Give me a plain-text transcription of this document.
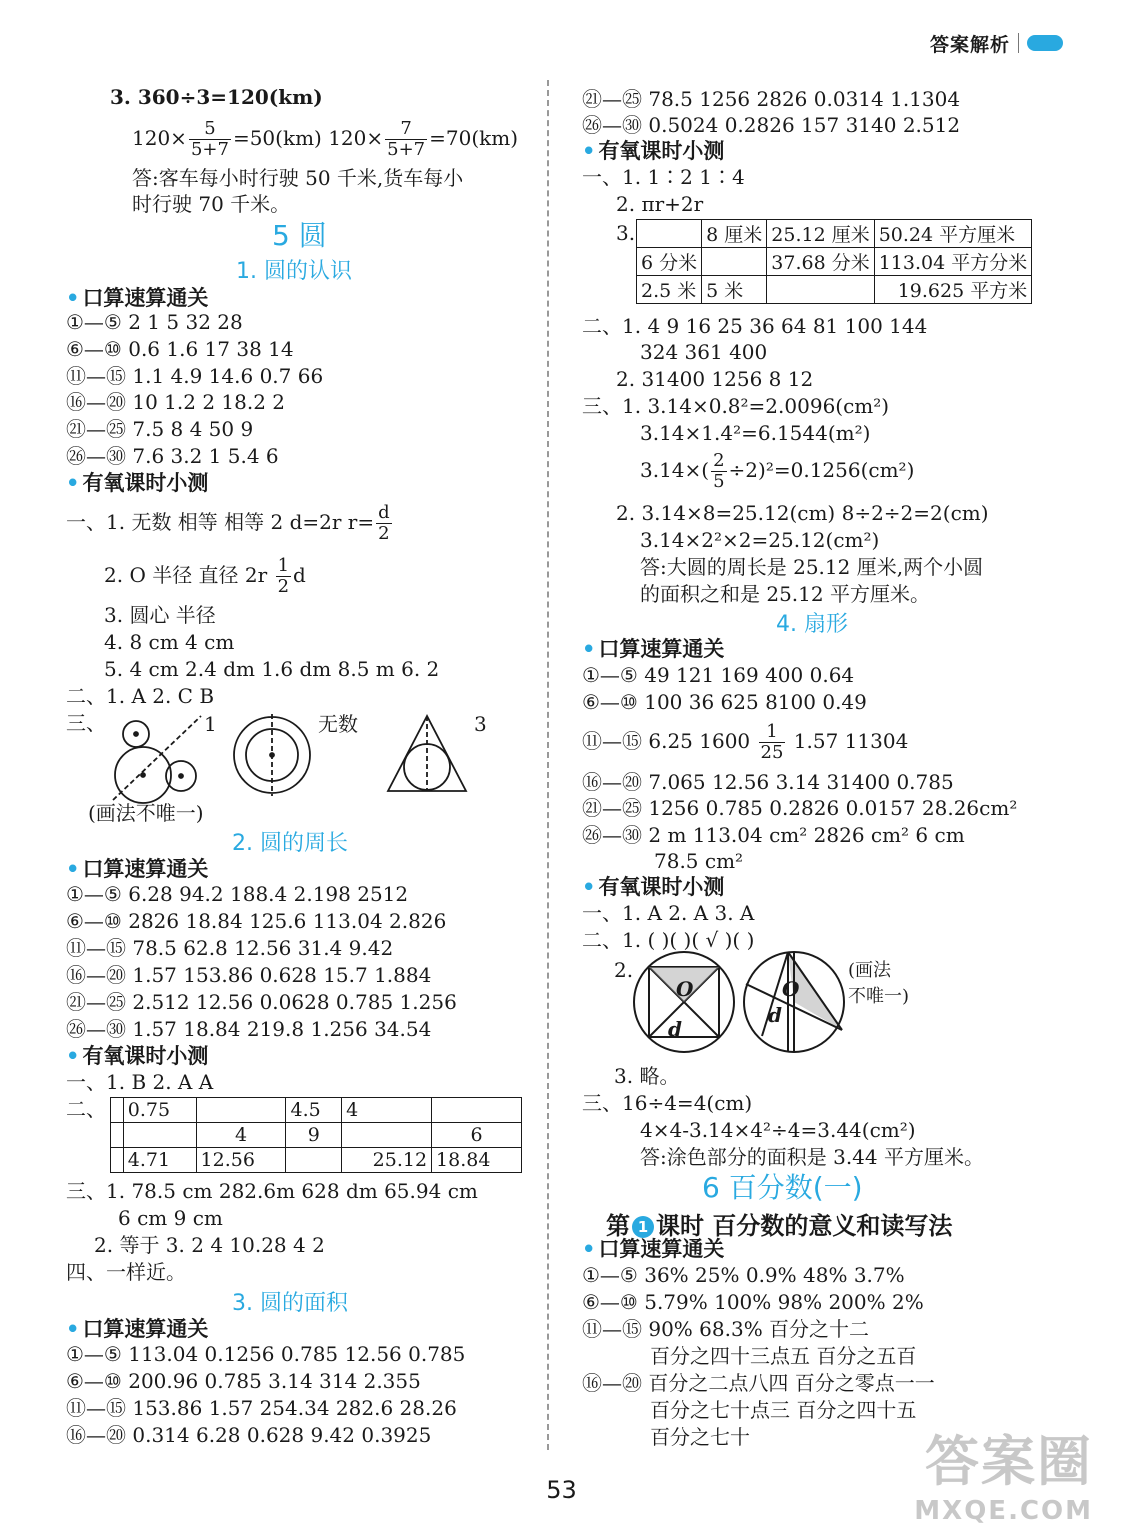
答案解析
3. 360÷3=120(km)
$120\times \frac{5}{5+7} =50(km)$ $120\times \frac{7}{5+7} =70(km)$
答:客车每小时行驶 50 千米,货车每小
时行驶 70 千米。
5 圆
1. 圆的认识
• 口算速算通关
①—⑤ 2 1 5 32 28
⑥—⑩ 0.6 1.6 17 38 14
⑪—⑮ 1.1 4.9 14.6 0.7 66
⑯—⑳ 10 1.2 2 18.2 2
㉑—㉕ 7.5 8 4 50 9
㉖—㉚ 7.6 3.2 1 5.4 6
• 有氧课时小测
一、1. 无数 相等 相等 2 d=2r $r= \frac{d}{2}$
2. O 半径 直径 $2r \frac{1}{2}$ d
3. 圆心 半径
4. 8 cm 4 cm
5. 4 cm 2.4 dm 1.6 dm 8.5 m 6. 2
二、1. A 2. C B
三、	1	无数	3
(画法不唯一)
2. 圆的周长
• 口算速算通关
①—⑤ 6.28 94.2 188.4 2.198 2512
⑥—⑩ 2826 18.84 125.6 113.04 2.826
⑪—⑮ 78.5 62.8 12.56 31.4 9.42
⑯—⑳ 1.57 153.86 0.628 15.7 1.884
㉑—㉕ 2.512 12.56 0.0628 0.785 1.256
㉖—㉚ 1.57 18.84 219.8 1.256 34.54
• 有氧课时小测
一、1. B 2. A A
二、
	0.75		4.5	4	
		4	9		6
	4.71	12.56		25.12	18.84
三、1. 78.5 cm 282.6m 628 dm 65.94 cm
6 cm 9 cm
2. 等于 3. 2 4 10.28 4 2
四、一样近。
3. 圆的面积
• 口算速算通关
①—⑤ 113.04 0.1256 0.785 12.56 0.785
⑥—⑩ 200.96 0.785 3.14 314 2.355
⑪—⑮ 153.86 1.57 254.34 282.6 28.26
⑯—⑳ 0.314 6.28 0.628 9.42 0.3925
㉑—㉕ 78.5 1256 2826 0.0314 1.1304
㉖—㉚ 0.5024 0.2826 157 3140 2.512
• 有氧课时小测
一、1. 1∶2 1∶4
2. πr+2r
3.
		8 厘米	25.12 厘米	50.24 平方厘米
6 分米		37.68 分米	113.04 平方分米
2.5 米	5 米		19.625 平方米
二、1. 4 9 16 25 36 64 81 100 144
324 361 400
2. 31400 1256 8 12
三、1. 3.14×0.8²=2.0096(cm²)
3.14×1.4²=6.1544(m²)
$3.14\times( \frac{2}{5} \div 2)^2=0.1256(cm^2)$
2. 3.14×8=25.12(cm) 8÷2÷2=2(cm)
3.14×2²×2=25.12(cm²)
答:大圆的周长是 25.12 厘米,两个小圆
的面积之和是 25.12 平方厘米。
4. 扇形
• 口算速算通关
①—⑤ 49 121 169 400 0.64
⑥—⑩ 100 36 625 8100 0.49
⑪—⑮ 6.25 $1600 \frac{1}{25} 1.57$ 11304
⑯—⑳ 7.065 12.56 3.14 31400 0.785
㉑—㉕ 1256 0.785 0.2826 0.0157 28.26cm²
㉖—㉚ 2 m 113.04 cm² 2826 cm² 6 cm
78.5 cm²
• 有氧课时小测
一、1. A 2. A 3. A
二、1. ( )( )( √ )( )
2.	(画法
不唯一)
O
d
O
d
3. 略。
三、16÷4=4(cm)
4×4-3.14×4²÷4=3.44(cm²)
答:涂色部分的面积是 3.44 平方厘米。
6 百分数(一)
第 1 课时 百分数的意义和读写法
• 口算速算通关
①—⑤ 36% 25% 0.9% 48% 3.7%
⑥—⑩ 5.79% 100% 98% 200% 2%
⑪—⑮ 90% 68.3% 百分之十二
百分之四十三点五 百分之五百
⑯—⑳ 百分之二点八四 百分之零点一一
百分之七十点三 百分之四十五
百分之七十
53	答案圈
MXQE.COM
